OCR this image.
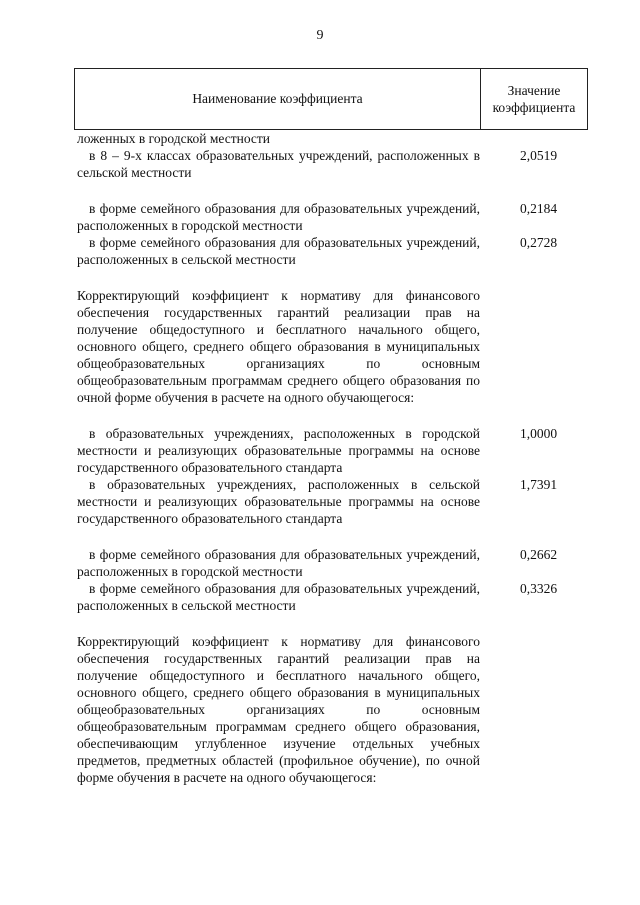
9
Наименование коэффициента
Значение
коэффициента
ложенных в городской местности
в 8 – 9-х классах образовательных учреждений, расположенных в сельской местности
2,0519
в форме семейного образования для образовательных учреждений, расположенных в городской местности
0,2184
в форме семейного образования для образовательных учреждений, расположенных в сельской местности
0,2728
Корректирующий коэффициент к нормативу для финансового обеспечения государственных гарантий реализации прав на получение общедоступного и бесплатного начального общего, основного общего, среднего общего образования в муниципальных общеобразовательных организациях по основным общеобразовательным программам среднего общего образования по очной форме обучения в расчете на одного обучающегося:
в образовательных учреждениях, расположенных в городской местности и реализующих образовательные программы на основе государственного образовательного стандарта
1,0000
в образовательных учреждениях, расположенных в сельской местности и реализующих образовательные программы на основе государственного образовательного стандарта
1,7391
в форме семейного образования для образовательных учреждений, расположенных в городской местности
0,2662
в форме семейного образования для образовательных учреждений, расположенных в сельской местности
0,3326
Корректирующий коэффициент к нормативу для финансового обеспечения государственных гарантий реализации прав на получение общедоступного и бесплатного начального общего, основного общего, среднего общего образования в муниципальных общеобразовательных организациях по основным общеобразовательным программам среднего общего образования, обеспечивающим углубленное изучение отдельных учебных предметов, предметных областей (профильное обучение), по очной форме обучения в расчете на одного обучающегося:
